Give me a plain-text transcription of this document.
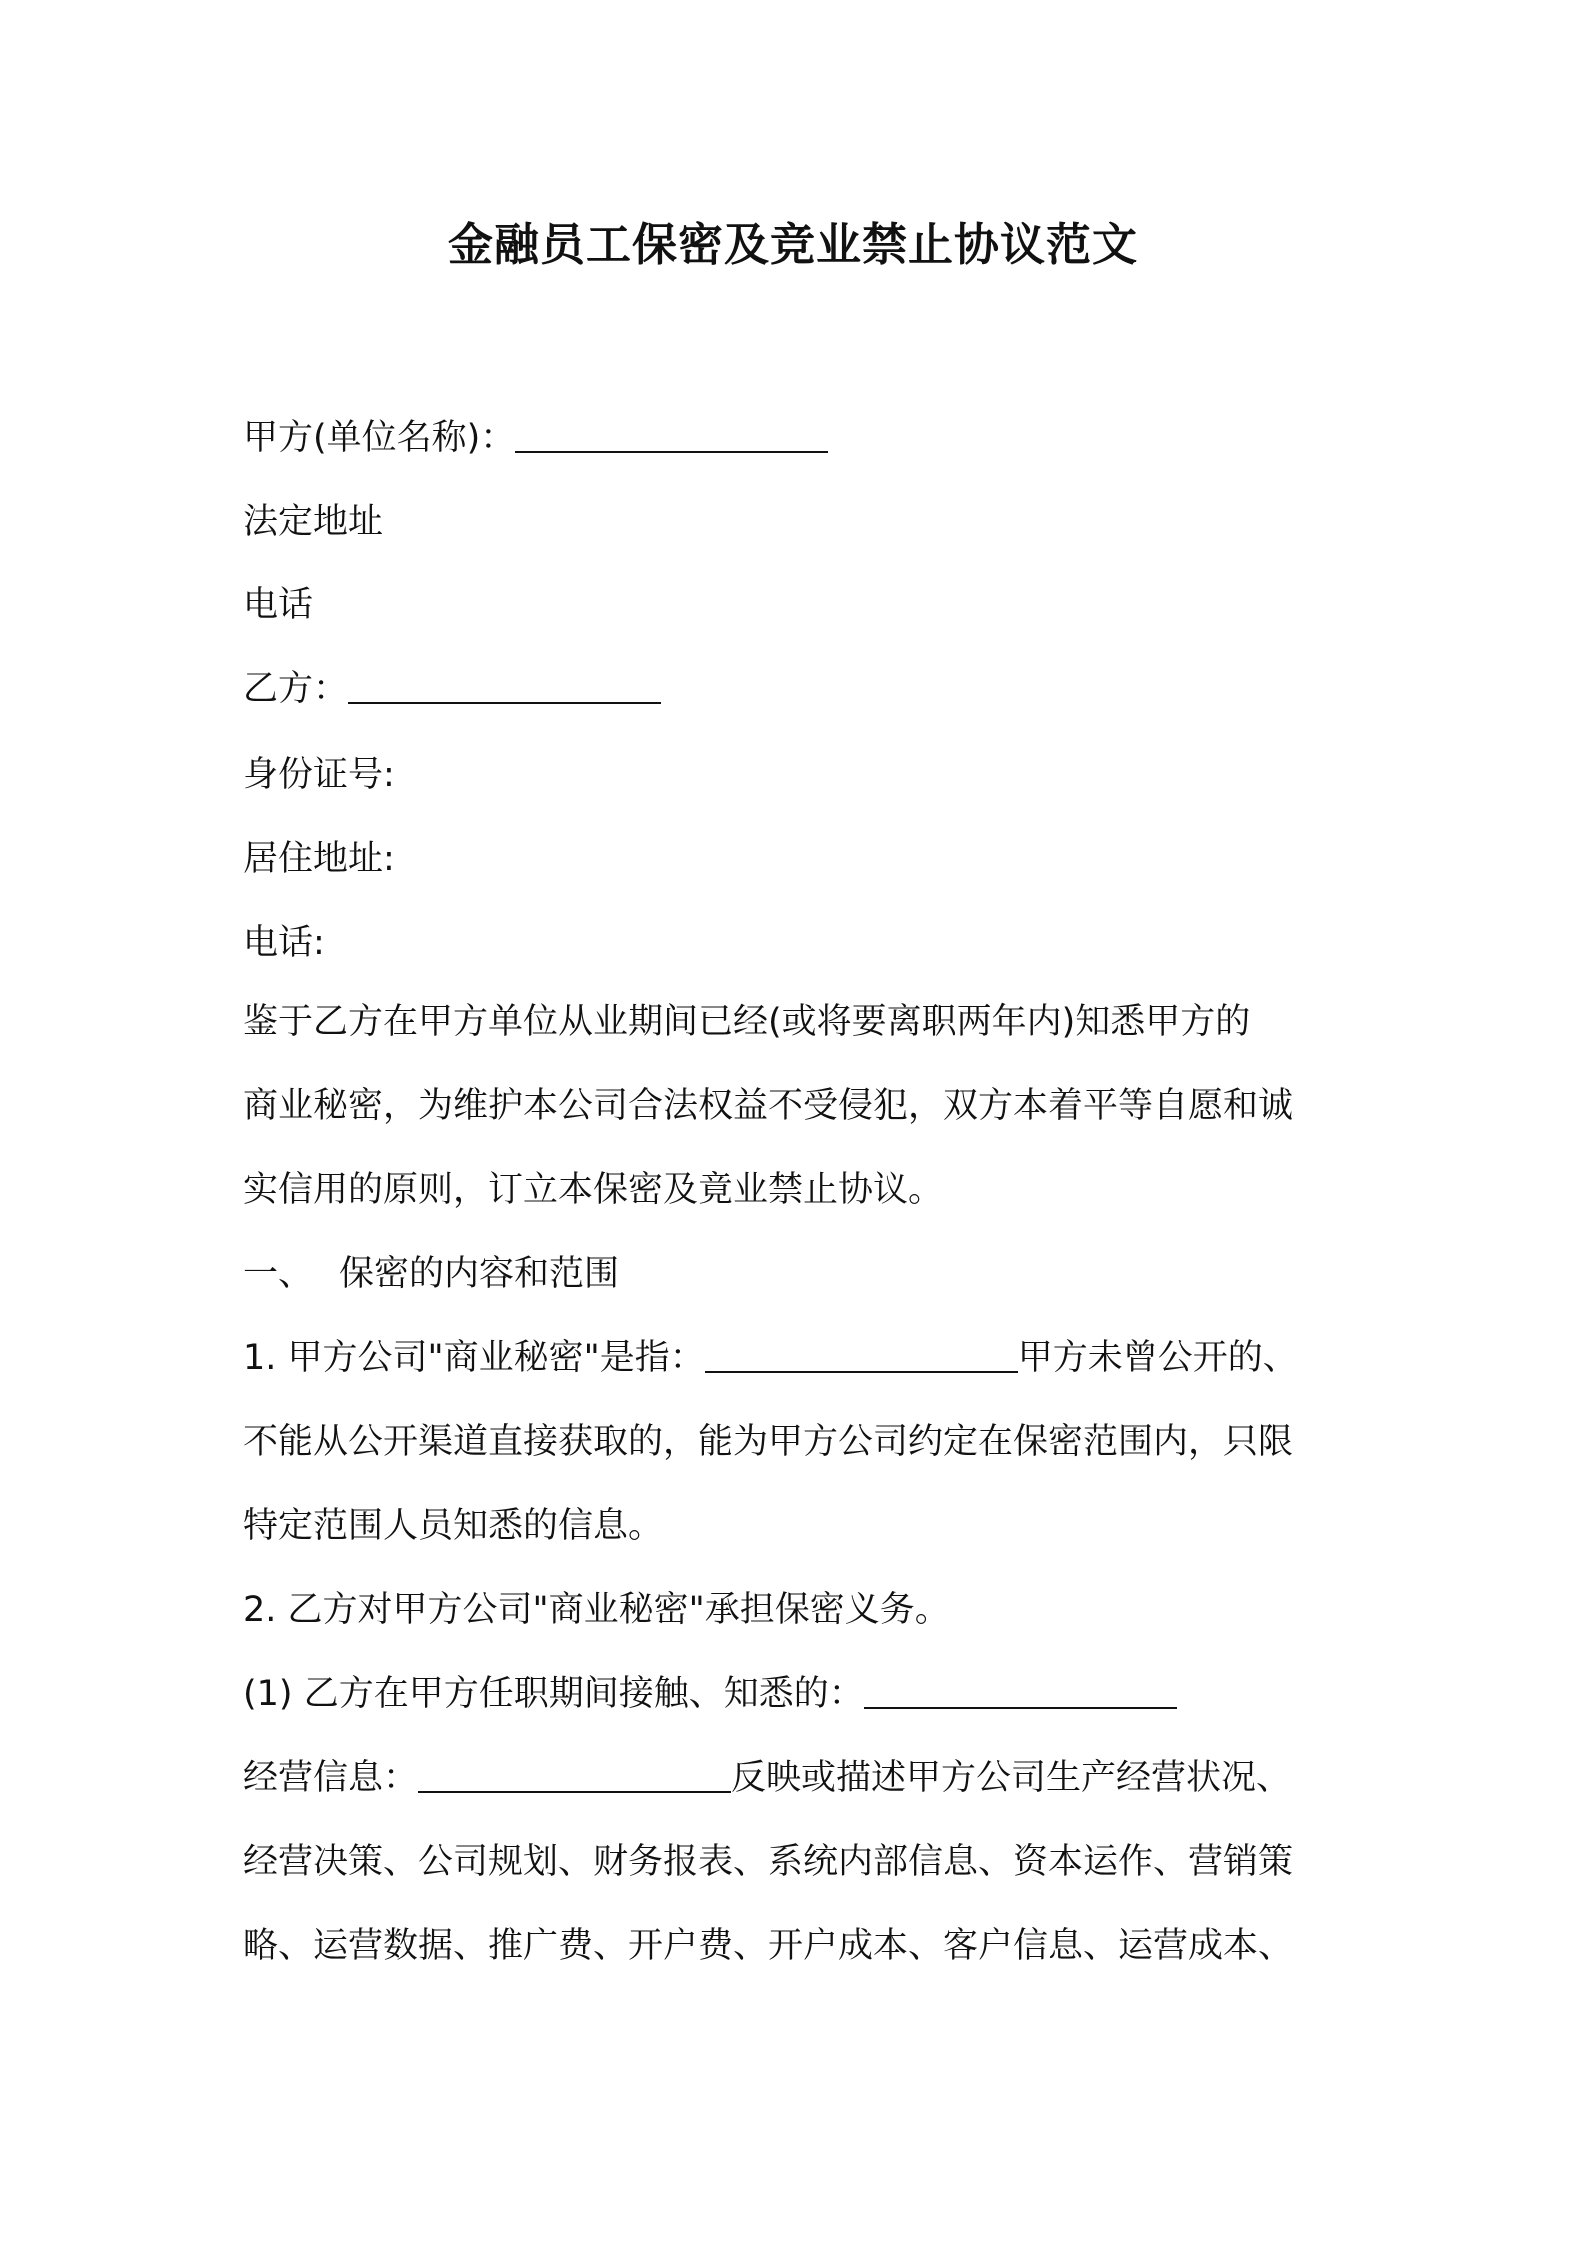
金融员工保密及竞业禁止协议范文
甲方(单位名称)：
法定地址
电话
乙方：
身份证号:
居住地址:
电话:
鉴于乙方在甲方单位从业期间已经(或将要离职两年内)知悉甲方的
商业秘密，为维护本公司合法权益不受侵犯，双方本着平等自愿和诚
实信用的原则，订立本保密及竟业禁止协议。
一、 保密的内容和范围
1. 甲方公司"商业秘密"是指：	甲方未曾公开的、
不能从公开渠道直接获取的，能为甲方公司约定在保密范围内，只限
特定范围人员知悉的信息。
2. 乙方对甲方公司"商业秘密"承担保密义务。
(1) 乙方在甲方任职期间接触、知悉的：
经营信息：	反映或描述甲方公司生产经营状况、
经营决策、公司规划、财务报表、系统内部信息、资本运作、营销策
略、运营数据、推广费、开户费、开户成本、客户信息、运营成本、
